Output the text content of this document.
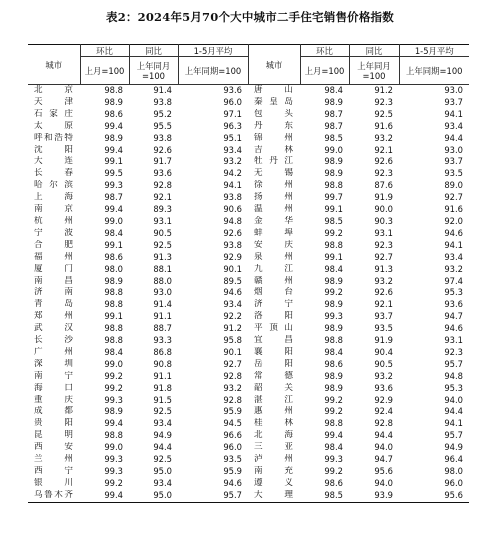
表2：2024年5月70个大中城市二手住宅销售价格指数
城市	环比	同比	1-5月平均	城市	环比	同比	1-5月平均
	上月=100	上年同月=100	上年同期=100		上月=100	上年同月=100	上年同期=100
北京	98.8	91.4	93.6	唐山	98.4	91.2	93.0
天津	98.9	93.8	96.0	秦皇岛	98.9	92.3	93.7
石家庄	98.6	95.2	97.1	包头	98.7	92.5	94.1
太原	99.4	95.5	96.3	丹东	98.7	91.6	93.4
呼和浩特	98.9	93.8	95.1	锦州	98.5	93.2	94.4
沈阳	99.4	92.6	93.4	吉林	99.0	92.1	93.0
大连	99.1	91.7	93.2	牡丹江	98.9	92.6	93.7
长春	99.5	93.6	94.2	无锡	98.9	92.3	93.5
哈尔滨	99.3	92.8	94.1	徐州	98.8	87.6	89.0
上海	98.7	92.1	93.8	扬州	99.7	91.9	92.7
南京	99.4	89.3	90.6	温州	99.1	90.0	91.6
杭州	99.0	93.1	94.8	金华	98.5	90.3	92.0
宁波	98.4	90.5	92.6	蚌埠	99.2	93.1	94.6
合肥	99.1	92.5	93.8	安庆	98.8	92.3	94.1
福州	98.6	91.3	92.9	泉州	99.1	92.7	93.4
厦门	98.0	88.1	90.1	九江	98.4	91.3	93.2
南昌	98.9	88.0	89.5	赣州	98.9	93.2	97.4
济南	98.8	93.0	94.6	烟台	99.2	92.6	95.3
青岛	98.8	91.4	93.4	济宁	98.9	92.1	93.6
郑州	99.1	91.1	92.2	洛阳	99.3	93.7	94.7
武汉	98.8	88.7	91.2	平顶山	98.9	93.5	94.6
长沙	98.8	93.3	95.8	宜昌	98.8	91.9	93.1
广州	98.4	86.8	90.1	襄阳	98.4	90.4	92.3
深圳	99.0	90.8	92.7	岳阳	98.6	90.5	95.7
南宁	99.2	91.1	92.8	常德	98.9	93.2	94.8
海口	99.2	91.8	93.2	韶关	98.9	93.6	95.3
重庆	99.3	91.5	92.8	湛江	99.2	92.9	94.0
成都	98.9	92.5	95.9	惠州	99.2	92.4	94.4
贵阳	99.4	93.4	94.5	桂林	98.8	92.8	94.1
昆明	98.8	94.9	96.6	北海	99.4	94.4	95.7
西安	99.0	94.4	96.0	三亚	98.4	94.0	94.9
兰州	99.3	92.5	93.5	泸州	99.3	94.7	96.4
西宁	99.3	95.0	95.9	南充	99.2	95.6	98.0
银川	99.2	93.4	94.6	遵义	98.6	94.0	96.0
乌鲁木齐	99.4	95.0	95.7	大理	98.5	93.9	95.6
